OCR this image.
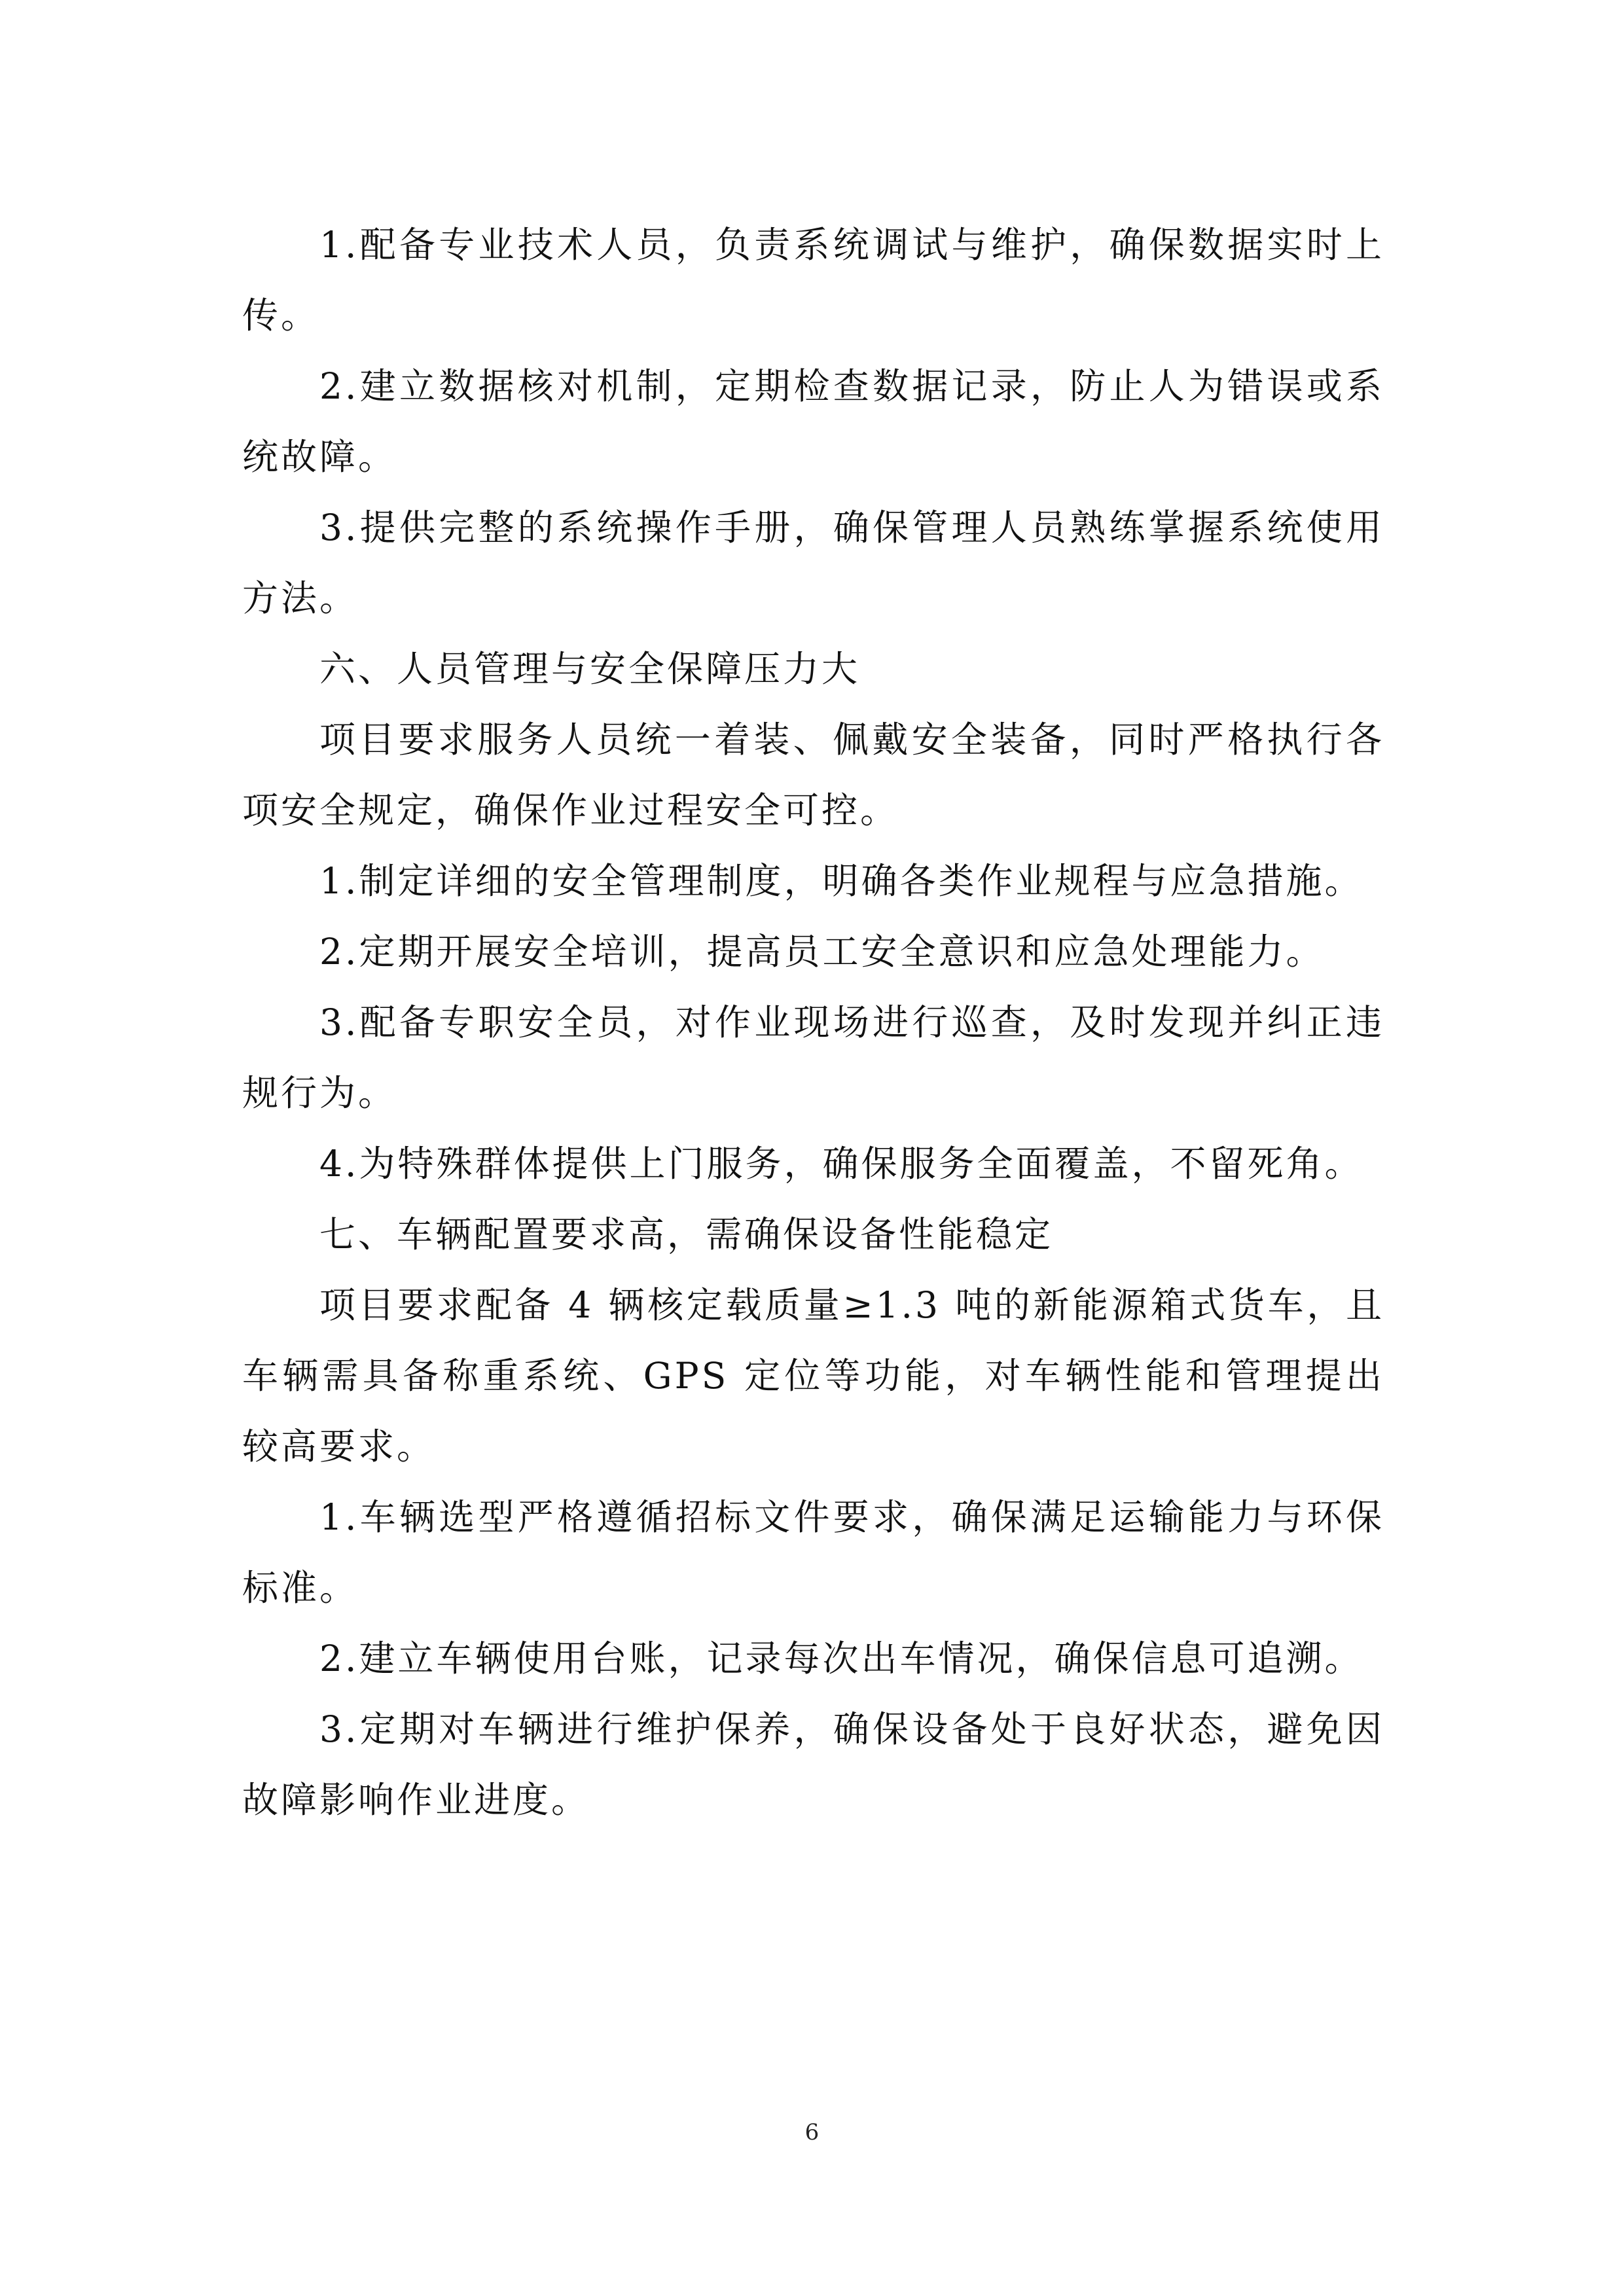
1.配备专业技术人员，负责系统调试与维护，确保数据实时上传。

2.建立数据核对机制，定期检查数据记录，防止人为错误或系统故障。

3.提供完整的系统操作手册，确保管理人员熟练掌握系统使用方法。

六、人员管理与安全保障压力大

项目要求服务人员统一着装、佩戴安全装备，同时严格执行各项安全规定，确保作业过程安全可控。

1.制定详细的安全管理制度，明确各类作业规程与应急措施。

2.定期开展安全培训，提高员工安全意识和应急处理能力。

3.配备专职安全员，对作业现场进行巡查，及时发现并纠正违规行为。

4.为特殊群体提供上门服务，确保服务全面覆盖，不留死角。

七、车辆配置要求高，需确保设备性能稳定

项目要求配备 4 辆核定载质量≥1.3 吨的新能源箱式货车，且车辆需具备称重系统、GPS 定位等功能，对车辆性能和管理提出较高要求。

1.车辆选型严格遵循招标文件要求，确保满足运输能力与环保标准。

2.建立车辆使用台账，记录每次出车情况，确保信息可追溯。

3.定期对车辆进行维护保养，确保设备处于良好状态，避免因故障影响作业进度。

6
